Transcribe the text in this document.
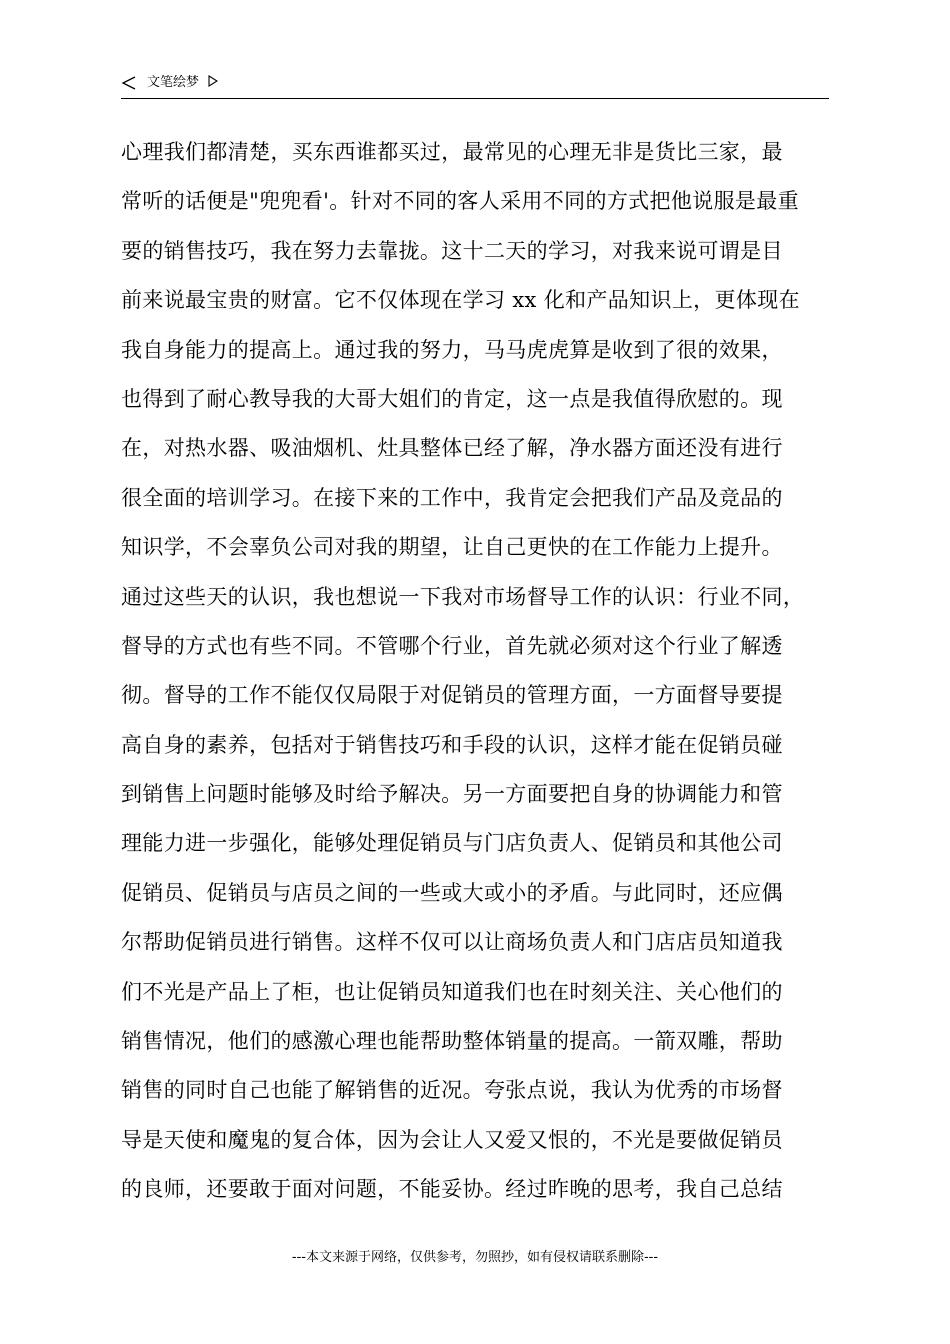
文笔绘梦
心理我们都清楚，买东西谁都买过，最常见的心理无非是货比三家，最
常听的话便是"兜兜看'。针对不同的客人采用不同的方式把他说服是最重
要的销售技巧，我在努力去靠拢。这十二天的学习，对我来说可谓是目
前来说最宝贵的财富。它不仅体现在学习 xx 化和产品知识上，更体现在
我自身能力的提高上。通过我的努力，马马虎虎算是收到了很的效果，
也得到了耐心教导我的大哥大姐们的肯定，这一点是我值得欣慰的。现
在，对热水器、吸油烟机、灶具整体已经了解，净水器方面还没有进行
很全面的培训学习。在接下来的工作中，我肯定会把我们产品及竞品的
知识学，不会辜负公司对我的期望，让自己更快的在工作能力上提升。
通过这些天的认识，我也想说一下我对市场督导工作的认识：行业不同，
督导的方式也有些不同。不管哪个行业，首先就必须对这个行业了解透
彻。督导的工作不能仅仅局限于对促销员的管理方面，一方面督导要提
高自身的素养，包括对于销售技巧和手段的认识，这样才能在促销员碰
到销售上问题时能够及时给予解决。另一方面要把自身的协调能力和管
理能力进一步强化，能够处理促销员与门店负责人、促销员和其他公司
促销员、促销员与店员之间的一些或大或小的矛盾。与此同时，还应偶
尔帮助促销员进行销售。这样不仅可以让商场负责人和门店店员知道我
们不光是产品上了柜，也让促销员知道我们也在时刻关注、关心他们的
销售情况，他们的感激心理也能帮助整体销量的提高。一箭双雕，帮助
销售的同时自己也能了解销售的近况。夸张点说，我认为优秀的市场督
导是天使和魔鬼的复合体，因为会让人又爱又恨的，不光是要做促销员
的良师，还要敢于面对问题，不能妥协。经过昨晚的思考，我自己总结
---本文来源于网络，仅供参考，勿照抄，如有侵权请联系删除---
